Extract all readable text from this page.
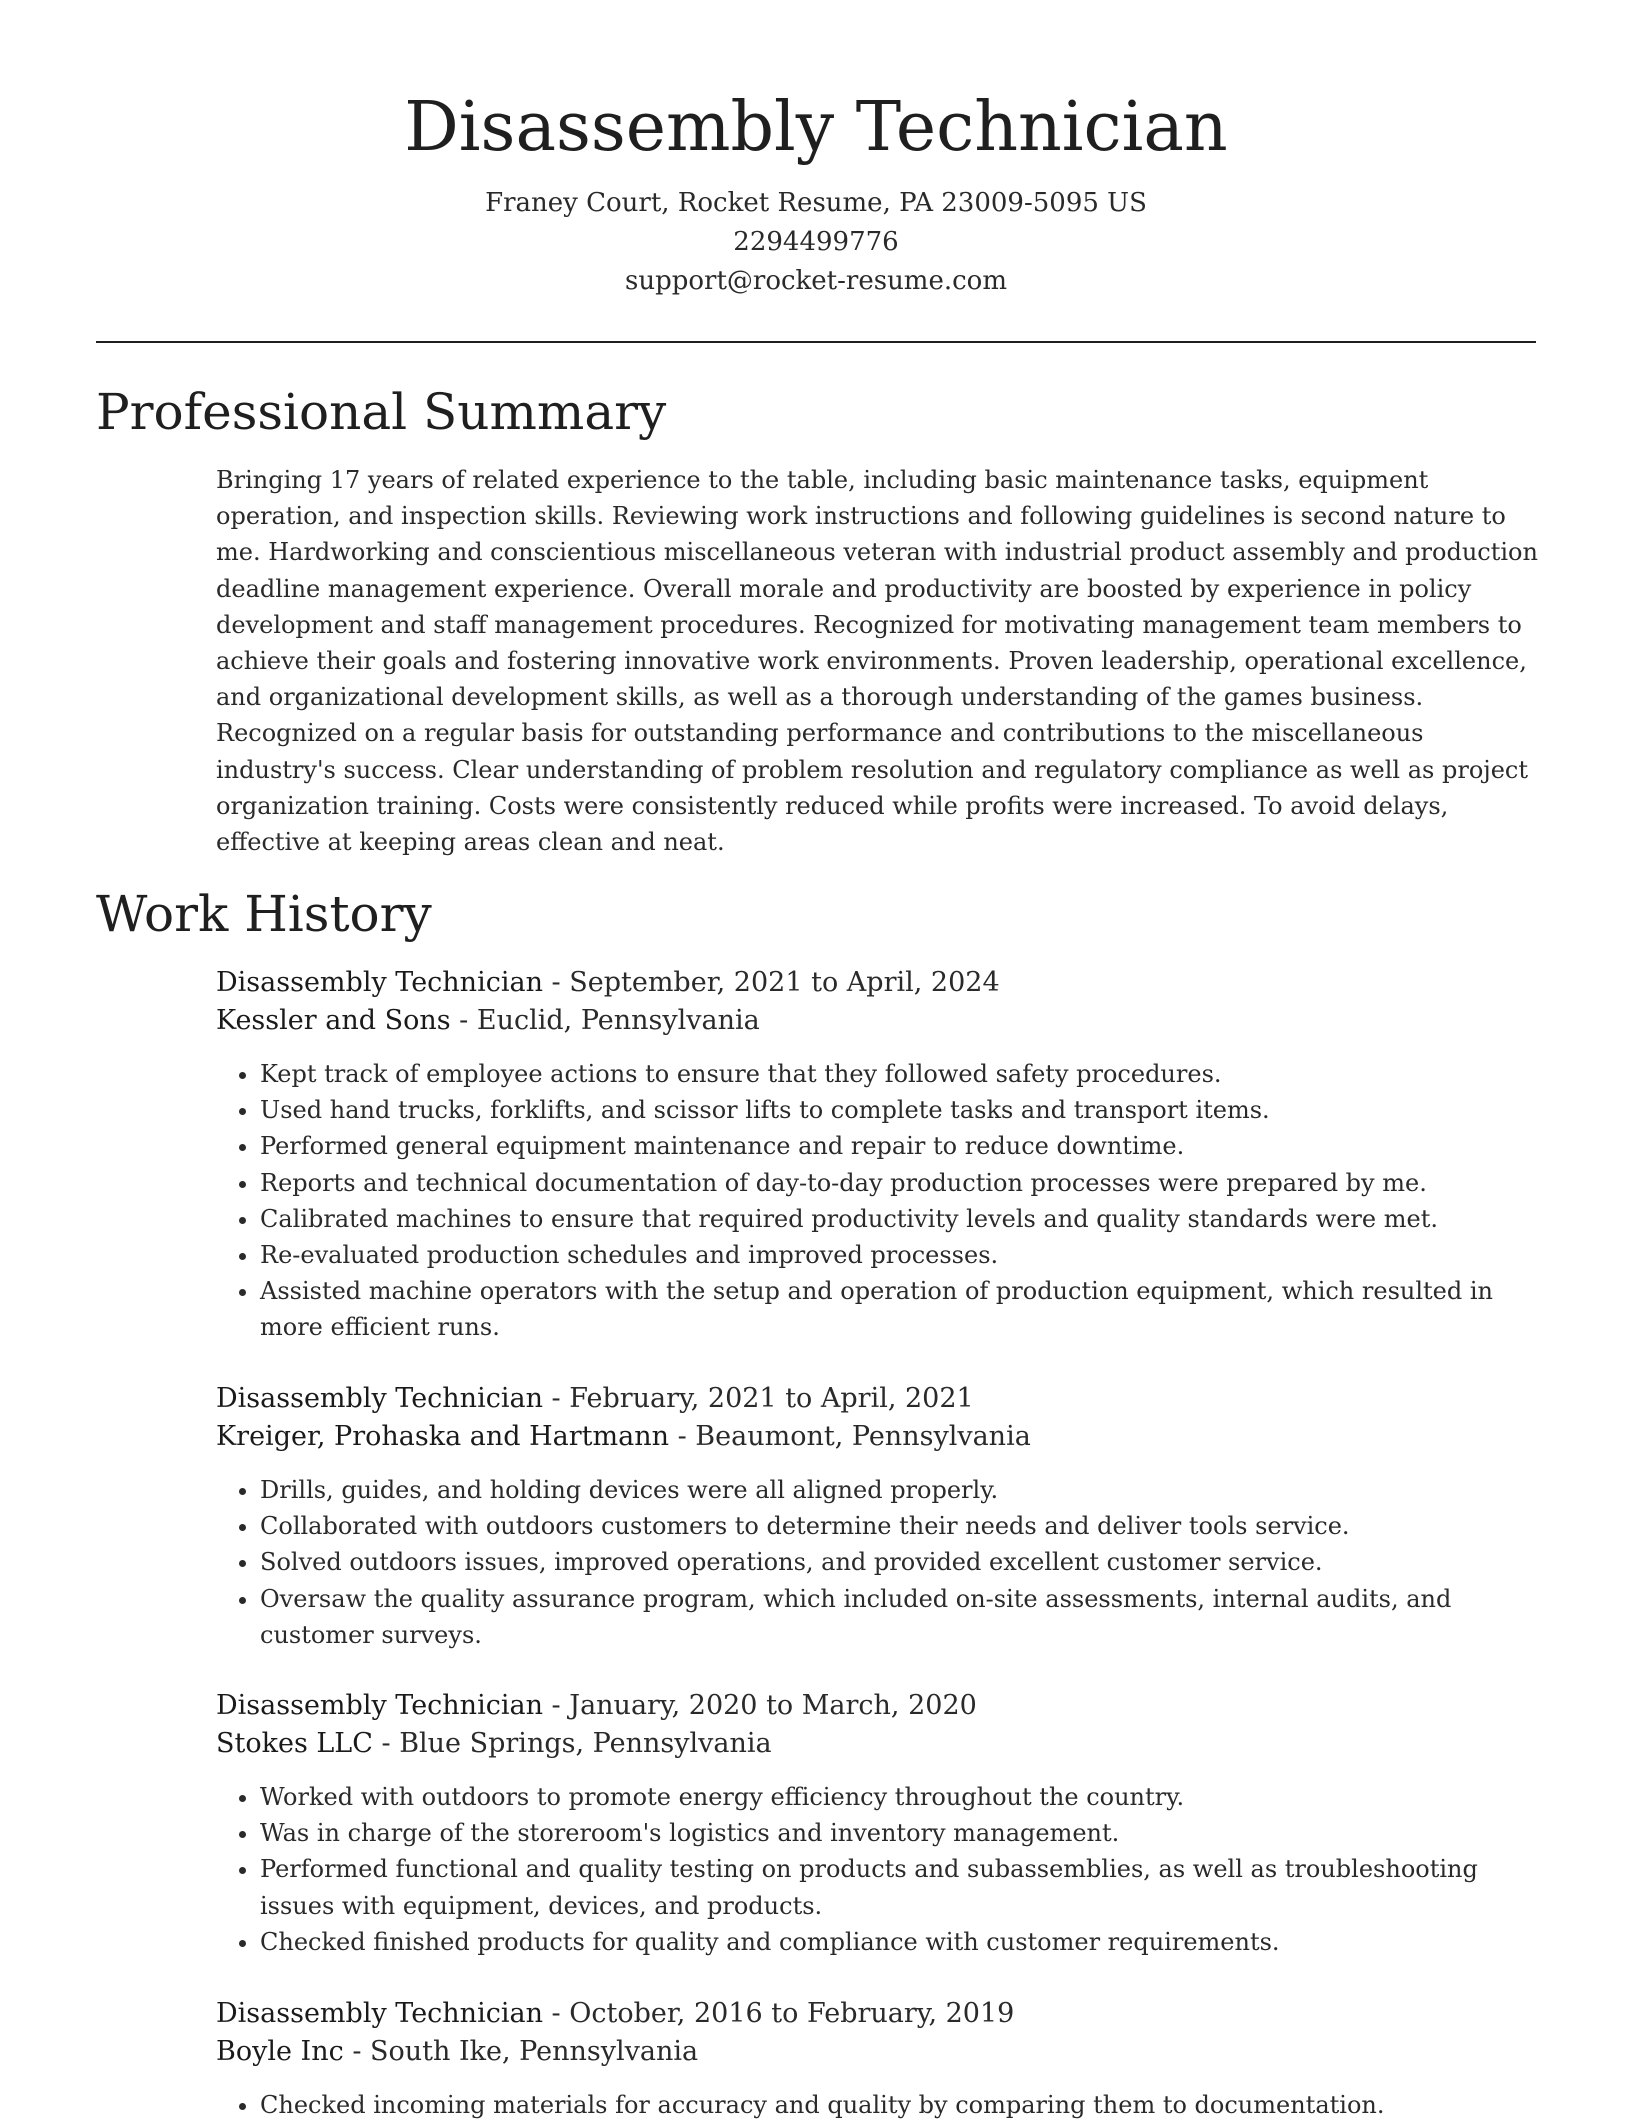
Disassembly Technician
Franey Court, Rocket Resume, PA 23009-5095 US
2294499776
support@rocket-resume.com
Professional Summary

Bringing 17 years of related experience to the table, including basic maintenance tasks, equipment operation, and inspection skills. Reviewing work instructions and following guidelines is second nature to me. Hardworking and conscientious miscellaneous veteran with industrial product assembly and production deadline management experience. Overall morale and productivity are boosted by experience in policy development and staff management procedures. Recognized for motivating management team members to achieve their goals and fostering innovative work environments. Proven leadership, operational excellence, and organizational development skills, as well as a thorough understanding of the games business. Recognized on a regular basis for outstanding performance and contributions to the miscellaneous industry's success. Clear understanding of problem resolution and regulatory compliance as well as project organization training. Costs were consistently reduced while profits were increased. To avoid delays, effective at keeping areas clean and neat.

Work History
Disassembly Technician - September, 2021 to April, 2024
Kessler and Sons - Euclid, Pennsylvania
• Kept track of employee actions to ensure that they followed safety procedures.
• Used hand trucks, forklifts, and scissor lifts to complete tasks and transport items.
• Performed general equipment maintenance and repair to reduce downtime.
• Reports and technical documentation of day-to-day production processes were prepared by me.
• Calibrated machines to ensure that required productivity levels and quality standards were met.
• Re-evaluated production schedules and improved processes.
• Assisted machine operators with the setup and operation of production equipment, which resulted in more efficient runs.
Disassembly Technician - February, 2021 to April, 2021
Kreiger, Prohaska and Hartmann - Beaumont, Pennsylvania
• Drills, guides, and holding devices were all aligned properly.
• Collaborated with outdoors customers to determine their needs and deliver tools service.
• Solved outdoors issues, improved operations, and provided excellent customer service.
• Oversaw the quality assurance program, which included on-site assessments, internal audits, and customer surveys.
Disassembly Technician - January, 2020 to March, 2020
Stokes LLC - Blue Springs, Pennsylvania
• Worked with outdoors to promote energy efficiency throughout the country.
• Was in charge of the storeroom's logistics and inventory management.
• Performed functional and quality testing on products and subassemblies, as well as troubleshooting issues with equipment, devices, and products.
• Checked finished products for quality and compliance with customer requirements.
Disassembly Technician - October, 2016 to February, 2019
Boyle Inc - South Ike, Pennsylvania
• Checked incoming materials for accuracy and quality by comparing them to documentation.
